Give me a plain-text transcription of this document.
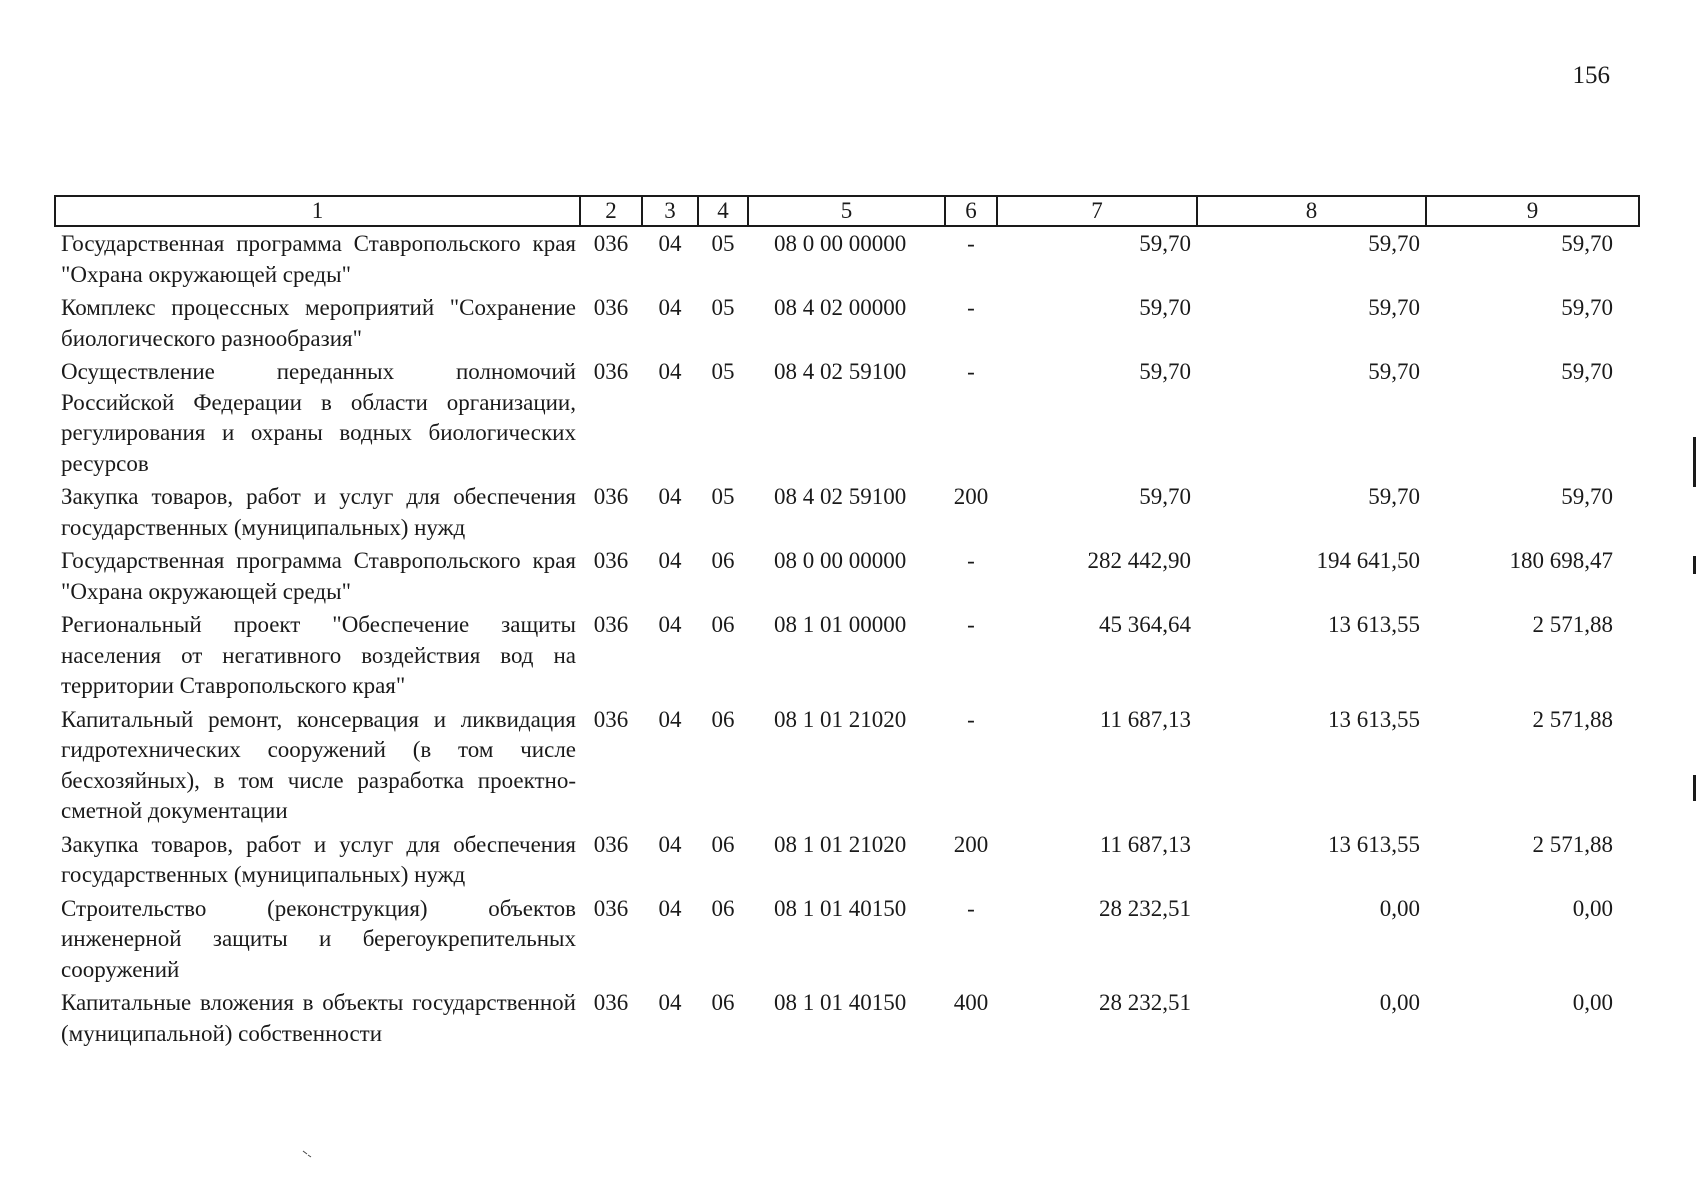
156
1	2	3	4	5	6	7	8	9
Государственная программа Ставропольского края "Охрана окружающей среды"	036	04	05	08 0 00 00000	-	59,70	59,70	59,70
Комплекс процессных мероприятий "Сохранение биологического разнообразия"	036	04	05	08 4 02 00000	-	59,70	59,70	59,70
Осуществление переданных полномочий Российской Федерации в области организации, регулирования и охраны водных биологических ресурсов	036	04	05	08 4 02 59100	-	59,70	59,70	59,70
Закупка товаров, работ и услуг для обеспечения государственных (муниципальных) нужд	036	04	05	08 4 02 59100	200	59,70	59,70	59,70
Государственная программа Ставропольского края "Охрана окружающей среды"	036	04	06	08 0 00 00000	-	282 442,90	194 641,50	180 698,47
Региональный проект "Обеспечение защиты населения от негативного воздействия вод на территории Ставропольского края"	036	04	06	08 1 01 00000	-	45 364,64	13 613,55	2 571,88
Капитальный ремонт, консервация и ликвидация гидротехнических сооружений (в том числе бесхозяйных), в том числе разработка проектно-сметной документации	036	04	06	08 1 01 21020	-	11 687,13	13 613,55	2 571,88
Закупка товаров, работ и услуг для обеспечения государственных (муниципальных) нужд	036	04	06	08 1 01 21020	200	11 687,13	13 613,55	2 571,88
Строительство (реконструкция) объектов инженерной защиты и берегоукрепительных сооружений	036	04	06	08 1 01 40150	-	28 232,51	0,00	0,00
Капитальные вложения в объекты государственной (муниципальной) собственности	036	04	06	08 1 01 40150	400	28 232,51	0,00	0,00
